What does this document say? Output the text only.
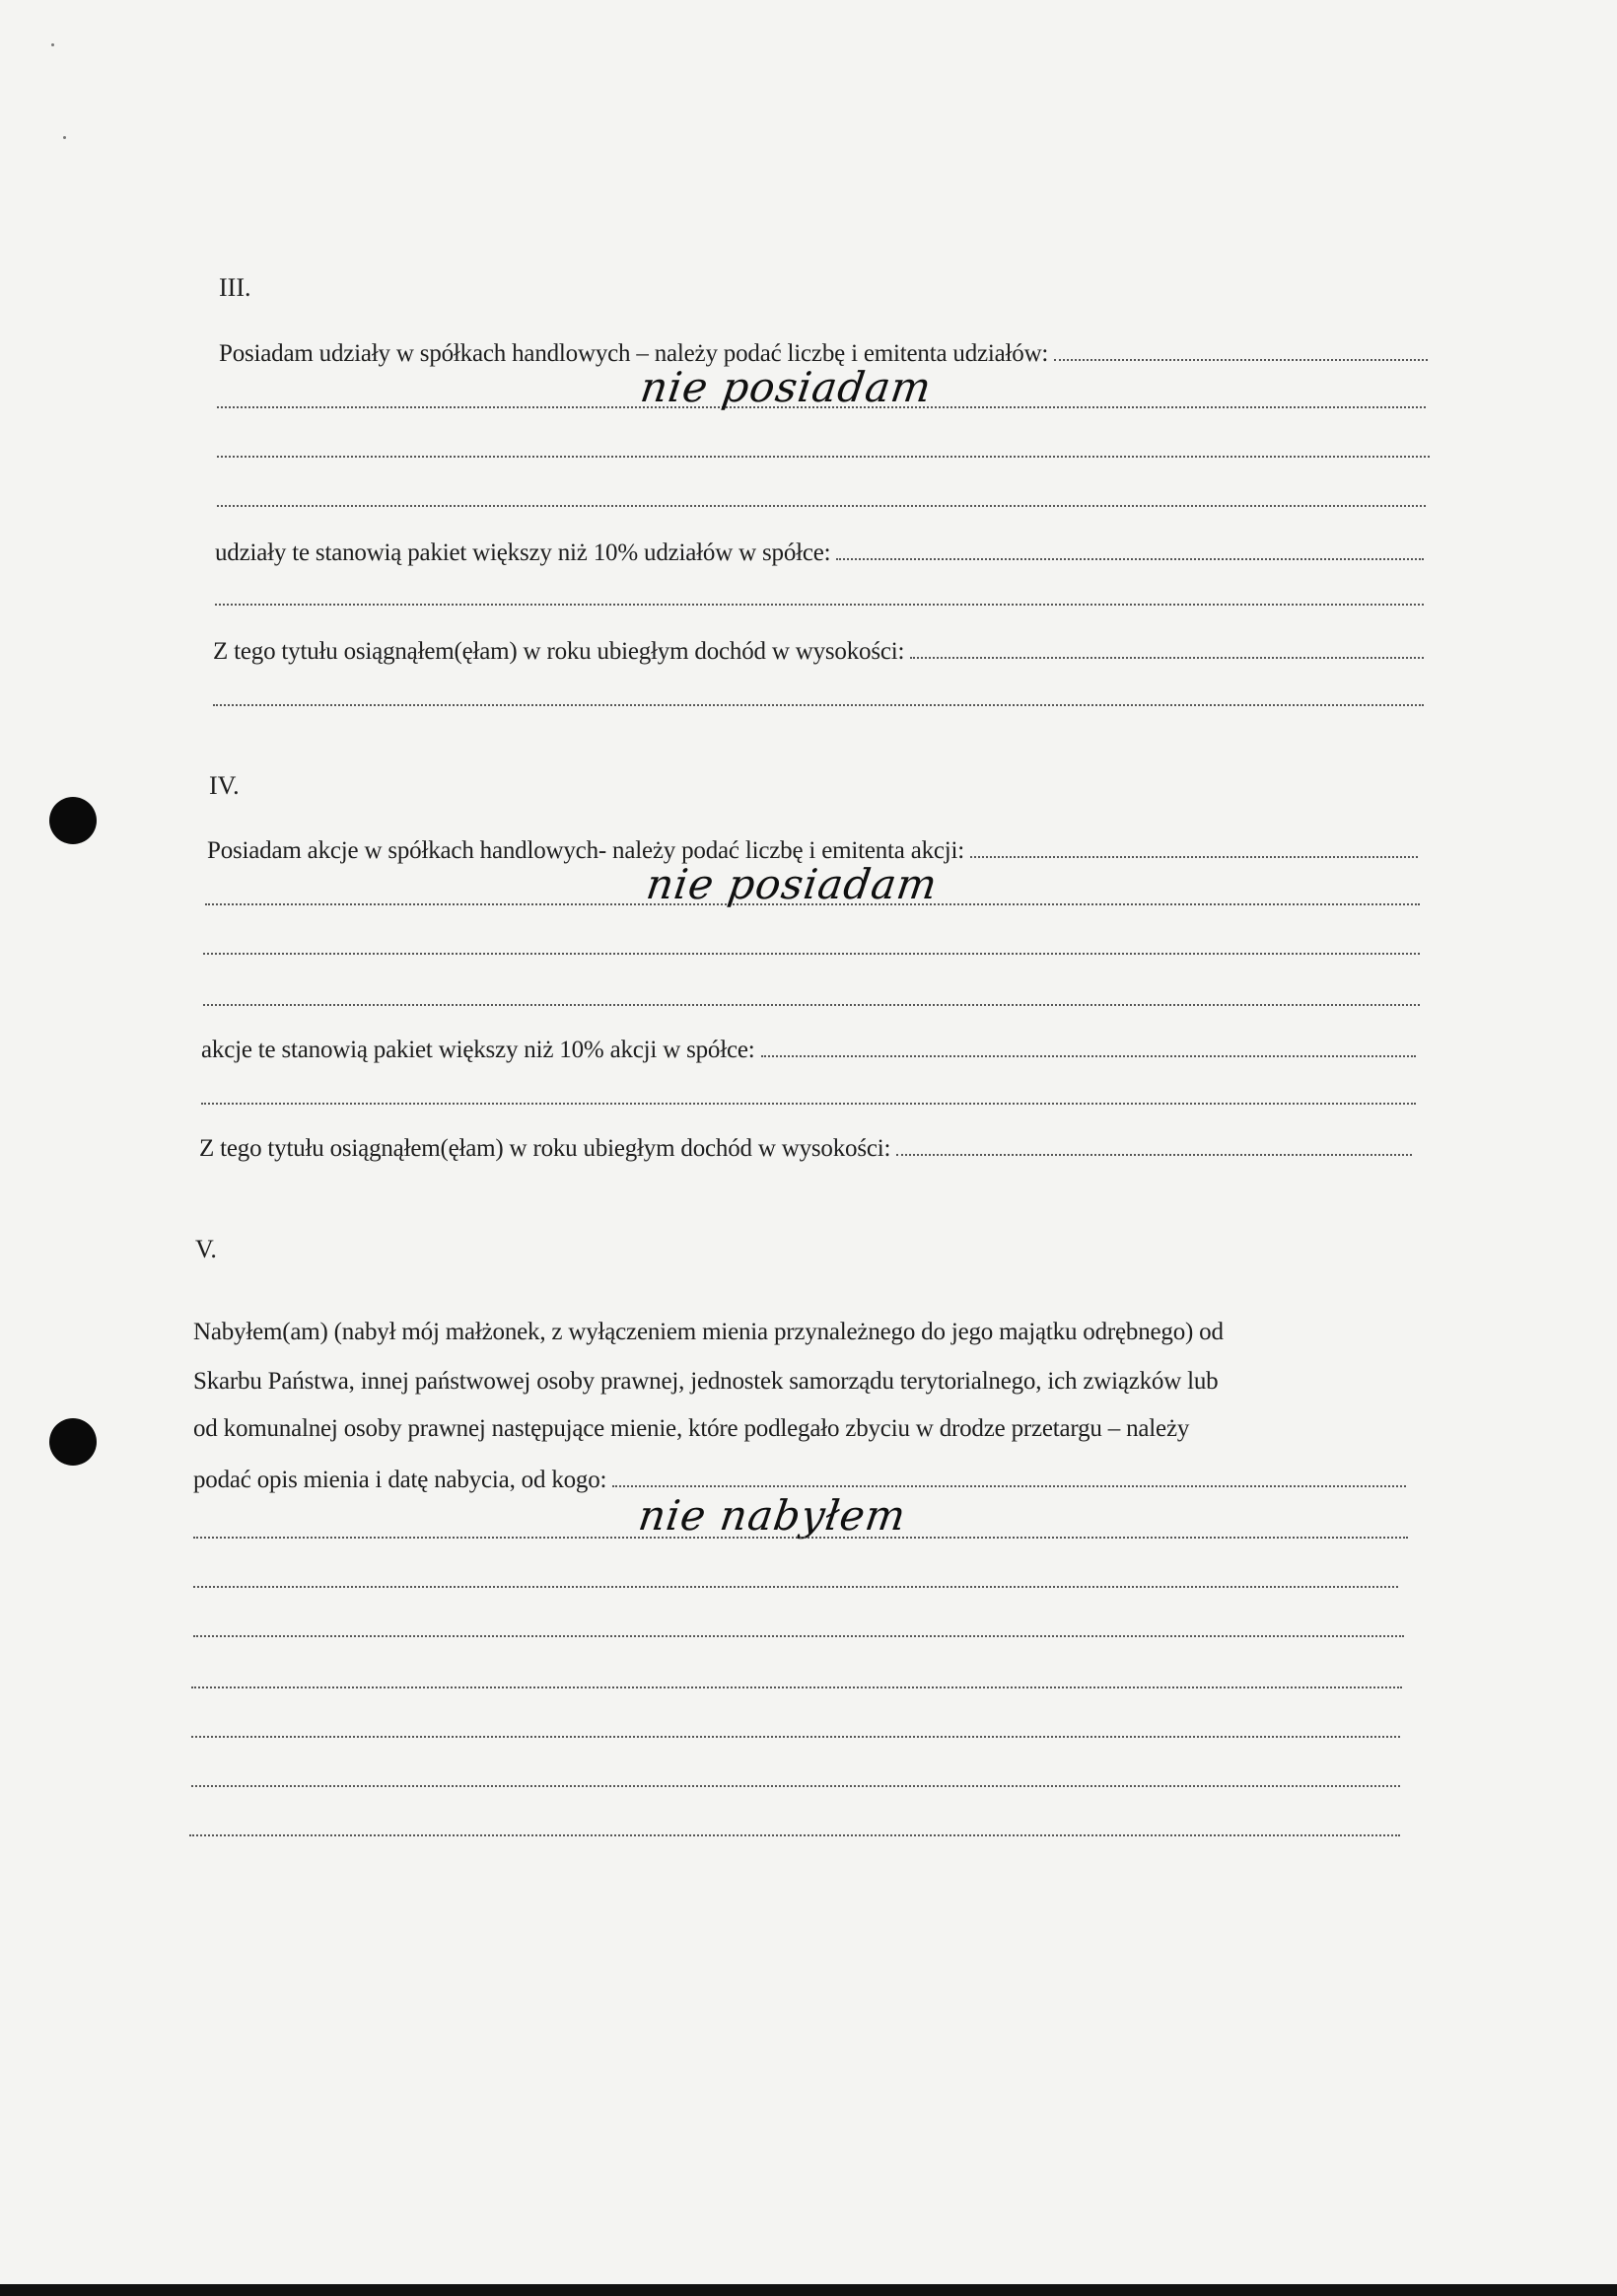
III.
Posiadam udziały w spółkach handlowych – należy podać liczbę i emitenta udziałów:
nie posiadam
udziały te stanowią pakiet większy niż 10% udziałów w spółce:
Z tego tytułu osiągnąłem(ęłam) w roku ubiegłym dochód w wysokości:
IV.
Posiadam akcje w spółkach handlowych- należy podać liczbę i emitenta akcji:
nie posiadam
akcje te stanowią pakiet większy niż 10% akcji w spółce:
Z tego tytułu osiągnąłem(ęłam) w roku ubiegłym dochód w wysokości:
V.
Nabyłem(am) (nabył mój małżonek, z wyłączeniem mienia przynależnego do jego majątku odrębnego) od
Skarbu Państwa, innej państwowej osoby prawnej, jednostek samorządu terytorialnego, ich związków lub
od komunalnej osoby prawnej następujące mienie, które podlegało zbyciu w drodze przetargu – należy
podać opis mienia i datę nabycia, od kogo:
nie nabyłem
